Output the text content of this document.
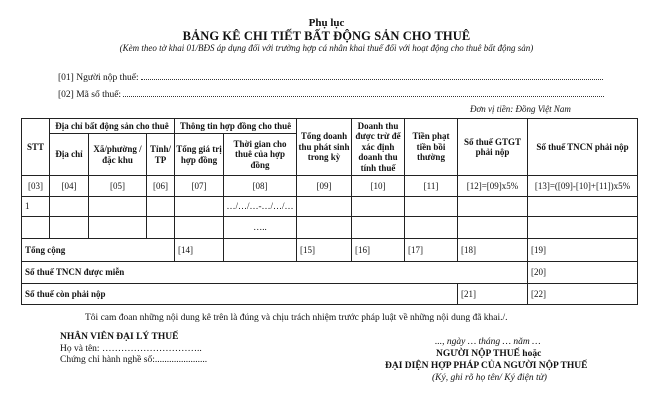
Phụ lục
BẢNG KÊ CHI TIẾT BẤT ĐỘNG SẢN CHO THUÊ
(Kèm theo tờ khai 01/BĐS áp dụng đối với trường hợp cá nhân khai thuế đối với hoạt động cho thuê bất động sản)
[01] Người nộp thuế:
[02] Mã số thuế:
Đơn vị tiền: Đồng Việt Nam
STT	Địa chỉ bất động sản cho thuê			Thông tin hợp đồng cho thuê		Tổng doanh thu phát sinh trong kỳ	Doanh thu được trừ để xác định doanh thu tính thuế	Tiền phạt tiền bồi thường	Số thuế GTGT phải nộp	Số thuế TNCN phải nộp
	Địa chỉ	Xã/phường /đặc khu	Tỉnh/ TP	Tổng giá trị hợp đồng	Thời gian cho thuê của hợp đồng					
[03]	[04]	[05]	[06]	[07]	[08]	[09]	[10]	[11]	[12]=[09]x5%	[13]=([09]-[10]+[11])x5%
1					…/…/…-…/…/…					
					…..					
Tổng cộng				[14]		[15]	[16]	[17]	[18]	[19]
Số thuế TNCN được miễn										[20]
Số thuế còn phải nộp									[21]	[22]
Tôi cam đoan những nội dung kê trên là đúng và chịu trách nhiệm trước pháp luật về những nội dung đã khai./.
NHÂN VIÊN ĐẠI LÝ THUẾ
Họ và tên: …………………………..
Chứng chỉ hành nghề số:......................
..., ngày … tháng … năm …
NGƯỜI NỘP THUẾ hoặc
ĐẠI DIỆN HỢP PHÁP CỦA NGƯỜI NỘP THUẾ
(Ký, ghi rõ họ tên/ Ký điện tử)
